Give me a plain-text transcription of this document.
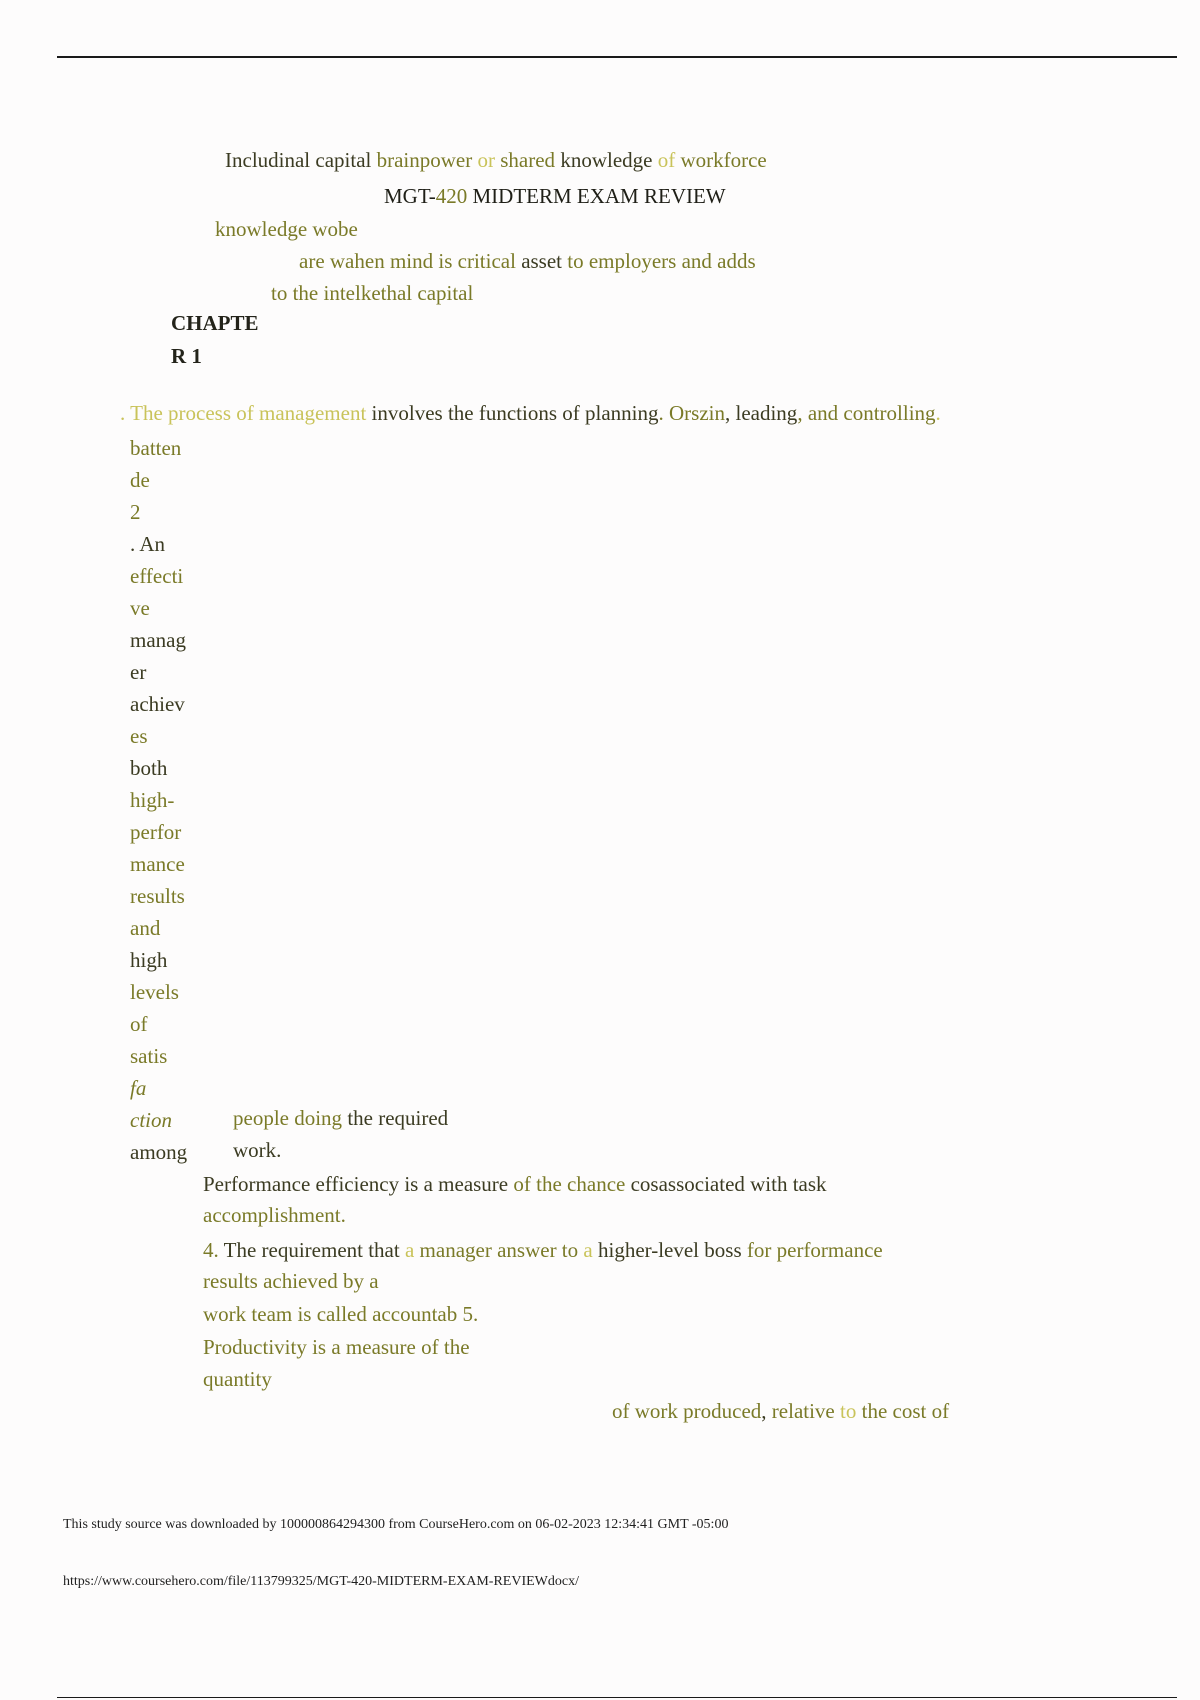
Includinal capital brainpower or shared knowledge of workforce
MGT-420 MIDTERM EXAM REVIEW
knowledge wobe
are wahen mind is critical asset to employers and adds
to the intelkethal capital
CHAPTE
R 1
. The process of management involves the functions of planning. Orszin, leading, and controlling.
batten
de
2
. An
effecti
ve
manag
er
achiev
es
both
high-
perfor
mance
results
and
high
levels
of
satis
fa
ction
among
people doing the required
work.
Performance efficiency is a measure of the chance cosassociated with task
accomplishment.
4. The requirement that a manager answer to a higher-level boss for performance
results achieved by a
work team is called accountab 5.
Productivity is a measure of the
quantity
of work produced, relative to the cost of
This study source was downloaded by 100000864294300 from CourseHero.com on 06-02-2023 12:34:41 GMT -05:00
https://www.coursehero.com/file/113799325/MGT-420-MIDTERM-EXAM-REVIEWdocx/
